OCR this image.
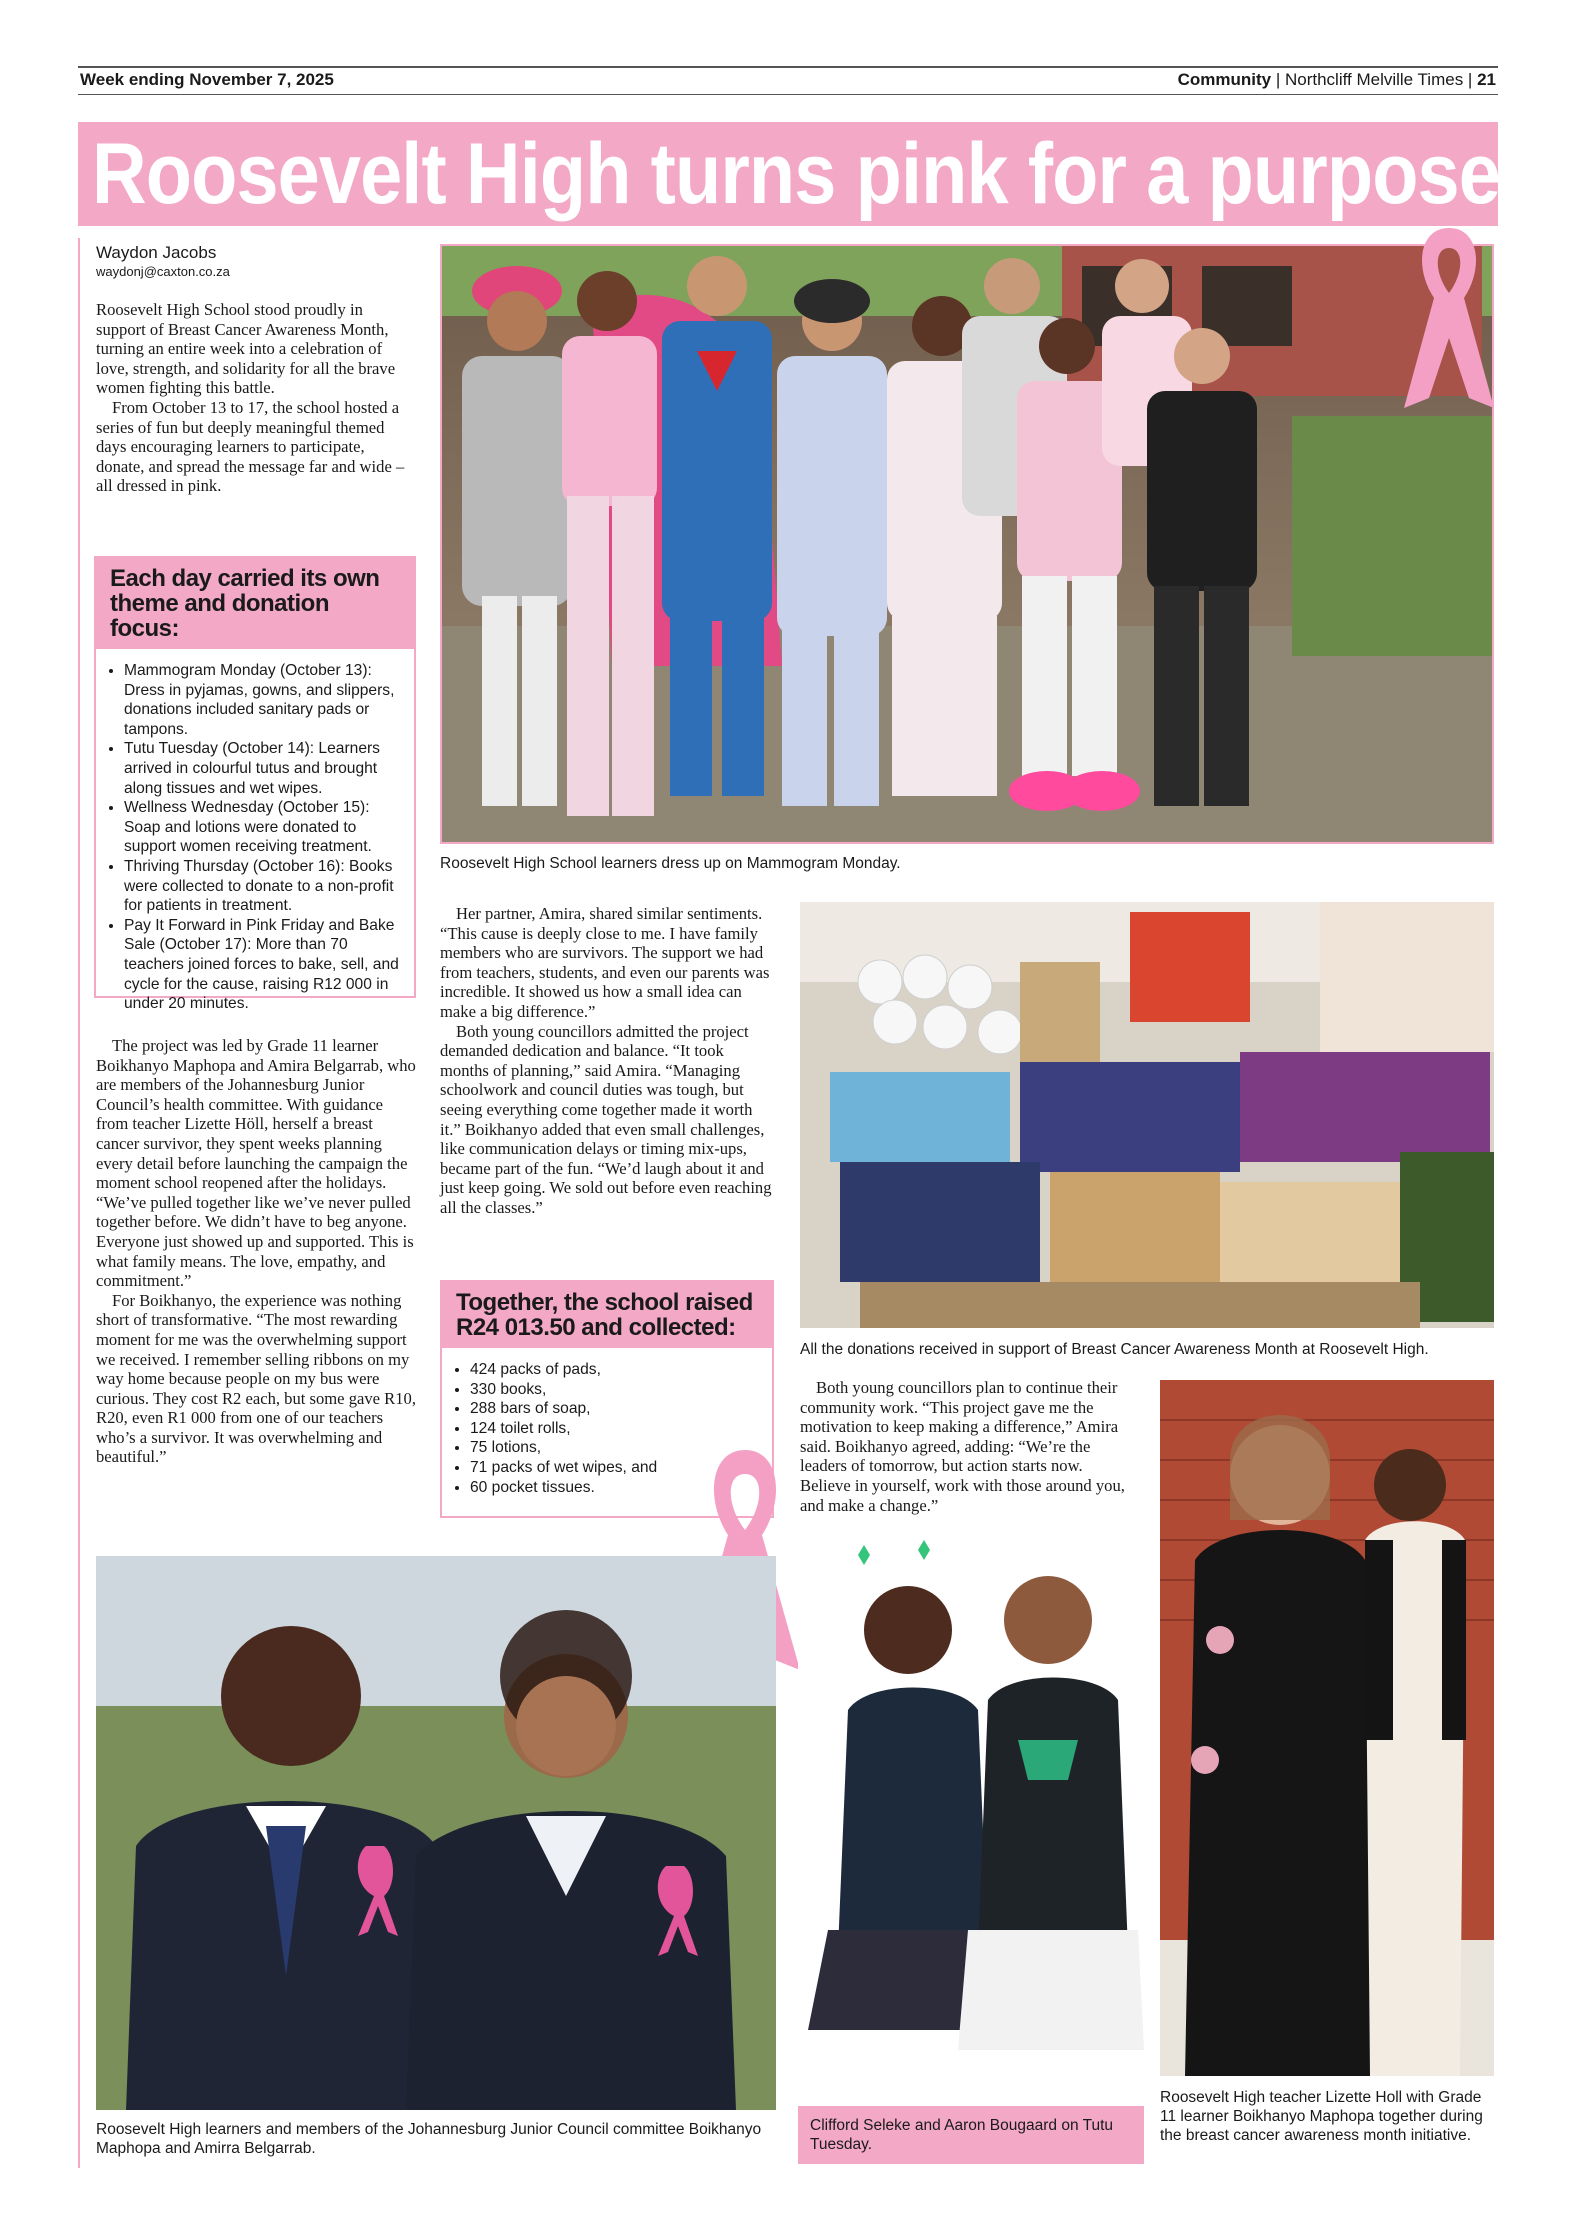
Week ending November 7, 2025	Community | Northcliff Melville Times | 21
Roosevelt High turns pink for a purpose
Waydon Jacobs
waydonj@caxton.co.za

Roosevelt High School stood proudly in support of Breast Cancer Awareness Month, turning an entire week into a celebration of love, strength, and solidarity for all the brave women fighting this battle.

From October 13 to 17, the school hosted a series of fun but deeply meaningful themed days encouraging learners to participate, donate, and spread the message far and wide – all dressed in pink.

Each day carried its own theme and donation focus:
• Mammogram Monday (October 13): Dress in pyjamas, gowns, and slippers, donations included sanitary pads or tampons.
• Tutu Tuesday (October 14): Learners arrived in colourful tutus and brought along tissues and wet wipes.
• Wellness Wednesday (October 15): Soap and lotions were donated to support women receiving treatment.
• Thriving Thursday (October 16): Books were collected to donate to a non-profit for patients in treatment.
• Pay It Forward in Pink Friday and Bake Sale (October 17): More than 70 teachers joined forces to bake, sell, and cycle for the cause, raising R12 000 in under 20 minutes.

The project was led by Grade 11 learner Boikhanyo Maphopa and Amira Belgarrab, who are members of the Johannesburg Junior Council’s health committee. With guidance from teacher Lizette Höll, herself a breast cancer survivor, they spent weeks planning every detail before launching the campaign the moment school reopened after the holidays. “We’ve pulled together like we’ve never pulled together before. We didn’t have to beg anyone. Everyone just showed up and supported. This is what family means. The love, empathy, and commitment.”

For Boikhanyo, the experience was nothing short of transformative. “The most rewarding moment for me was the overwhelming support we received. I remember selling ribbons on my way home because people on my bus were curious. They cost R2 each, but some gave R10, R20, even R1 000 from one of our teachers who’s a survivor. It was overwhelming and beautiful.”

Roosevelt High School learners dress up on Mammogram Monday.

Her partner, Amira, shared similar sentiments. “This cause is deeply close to me. I have family members who are survivors. The support we had from teachers, students, and even our parents was incredible. It showed us how a small idea can make a big difference.”

Both young councillors admitted the project demanded dedication and balance. “It took months of planning,” said Amira. “Managing schoolwork and council duties was tough, but seeing everything come together made it worth it.” Boikhanyo added that even small challenges, like communication delays or timing mix-ups, became part of the fun. “We’d laugh about it and just keep going. We sold out before even reaching all the classes.”

Together, the school raised R24 013.50 and collected:
• 424 packs of pads,
• 330 books,
• 288 bars of soap,
• 124 toilet rolls,
• 75 lotions,
• 71 packs of wet wipes, and
• 60 pocket tissues.
All the donations received in support of Breast Cancer Awareness Month at Roosevelt High.

Both young councillors plan to continue their community work. “This project gave me the motivation to keep making a difference,” Amira said. Boikhanyo agreed, adding: “We’re the leaders of tomorrow, but action starts now. Believe in yourself, work with those around you, and make a change.”

Roosevelt High learners and members of the Johannesburg Junior Council committee Boikhanyo Maphopa and Amirra Belgarrab.
Clifford Seleke and Aaron Bougaard on Tutu Tuesday.
Roosevelt High teacher Lizette Holl with Grade 11 learner Boikhanyo Maphopa together during the breast cancer awareness month initiative.
